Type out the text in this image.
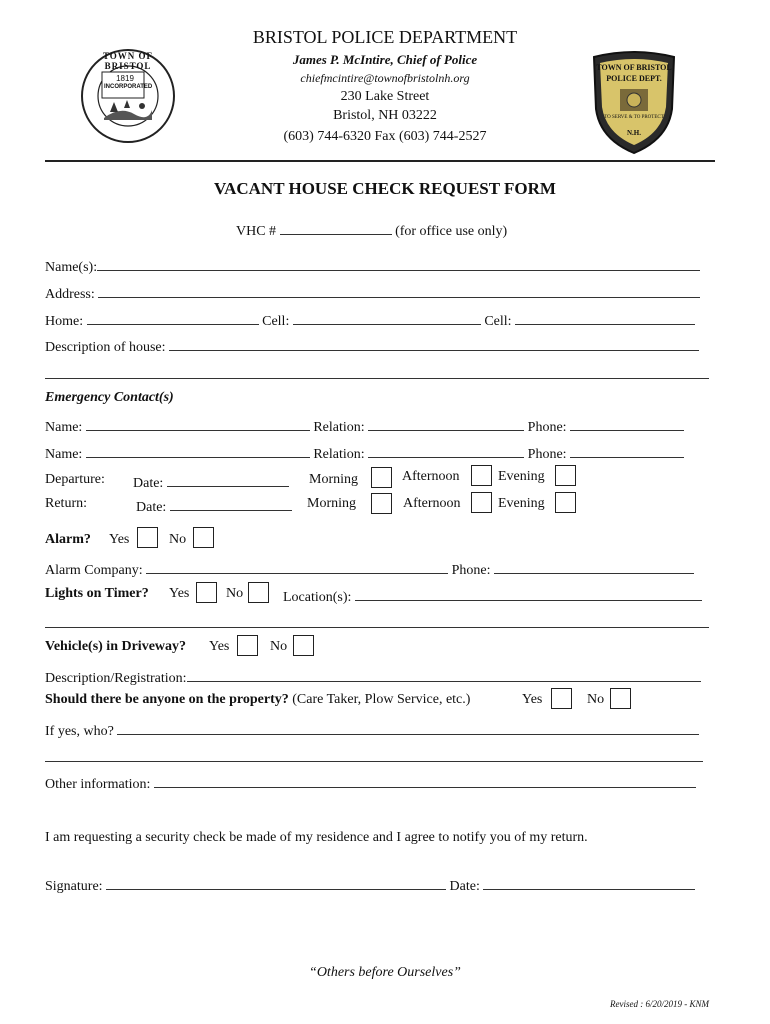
1819
INCORPORATED
TOWN OF BRISTOL
BRISTOL POLICE DEPARTMENT
James P. McIntire, Chief of Police
chiefmcintire@townofbristolnh.org
230 Lake Street
Bristol, NH 03222
(603) 744-6320 Fax (603) 744-2527
TOWN OF BRISTOL
POLICE DEPT.
TO SERVE & TO PROTECT
N.H.
VACANT HOUSE CHECK REQUEST FORM
VHC #	(for office use only)
Name(s):
Address:
Home:	Cell:	Cell:
Description of house:
Emergency Contact(s)
Name:	Relation:	Phone:
Name:	Relation:	Phone:
Departure: Date:	Morning	Afternoon	Evening
Return:	Date:	Morning	Afternoon	Evening
Alarm? Yes	No
Alarm Company:	Phone:
Lights on Timer? Yes	No	Location(s):
Vehicle(s) in Driveway? Yes	No
Description/Registration:
Should there be anyone on the property? (Care Taker, Plow Service, etc.)	Yes	No
If yes, who?
Other information:
I am requesting a security check be made of my residence and I agree to notify you of my return.
Signature:	Date:
“Others before Ourselves”
Revised : 6/20/2019 - KNM
